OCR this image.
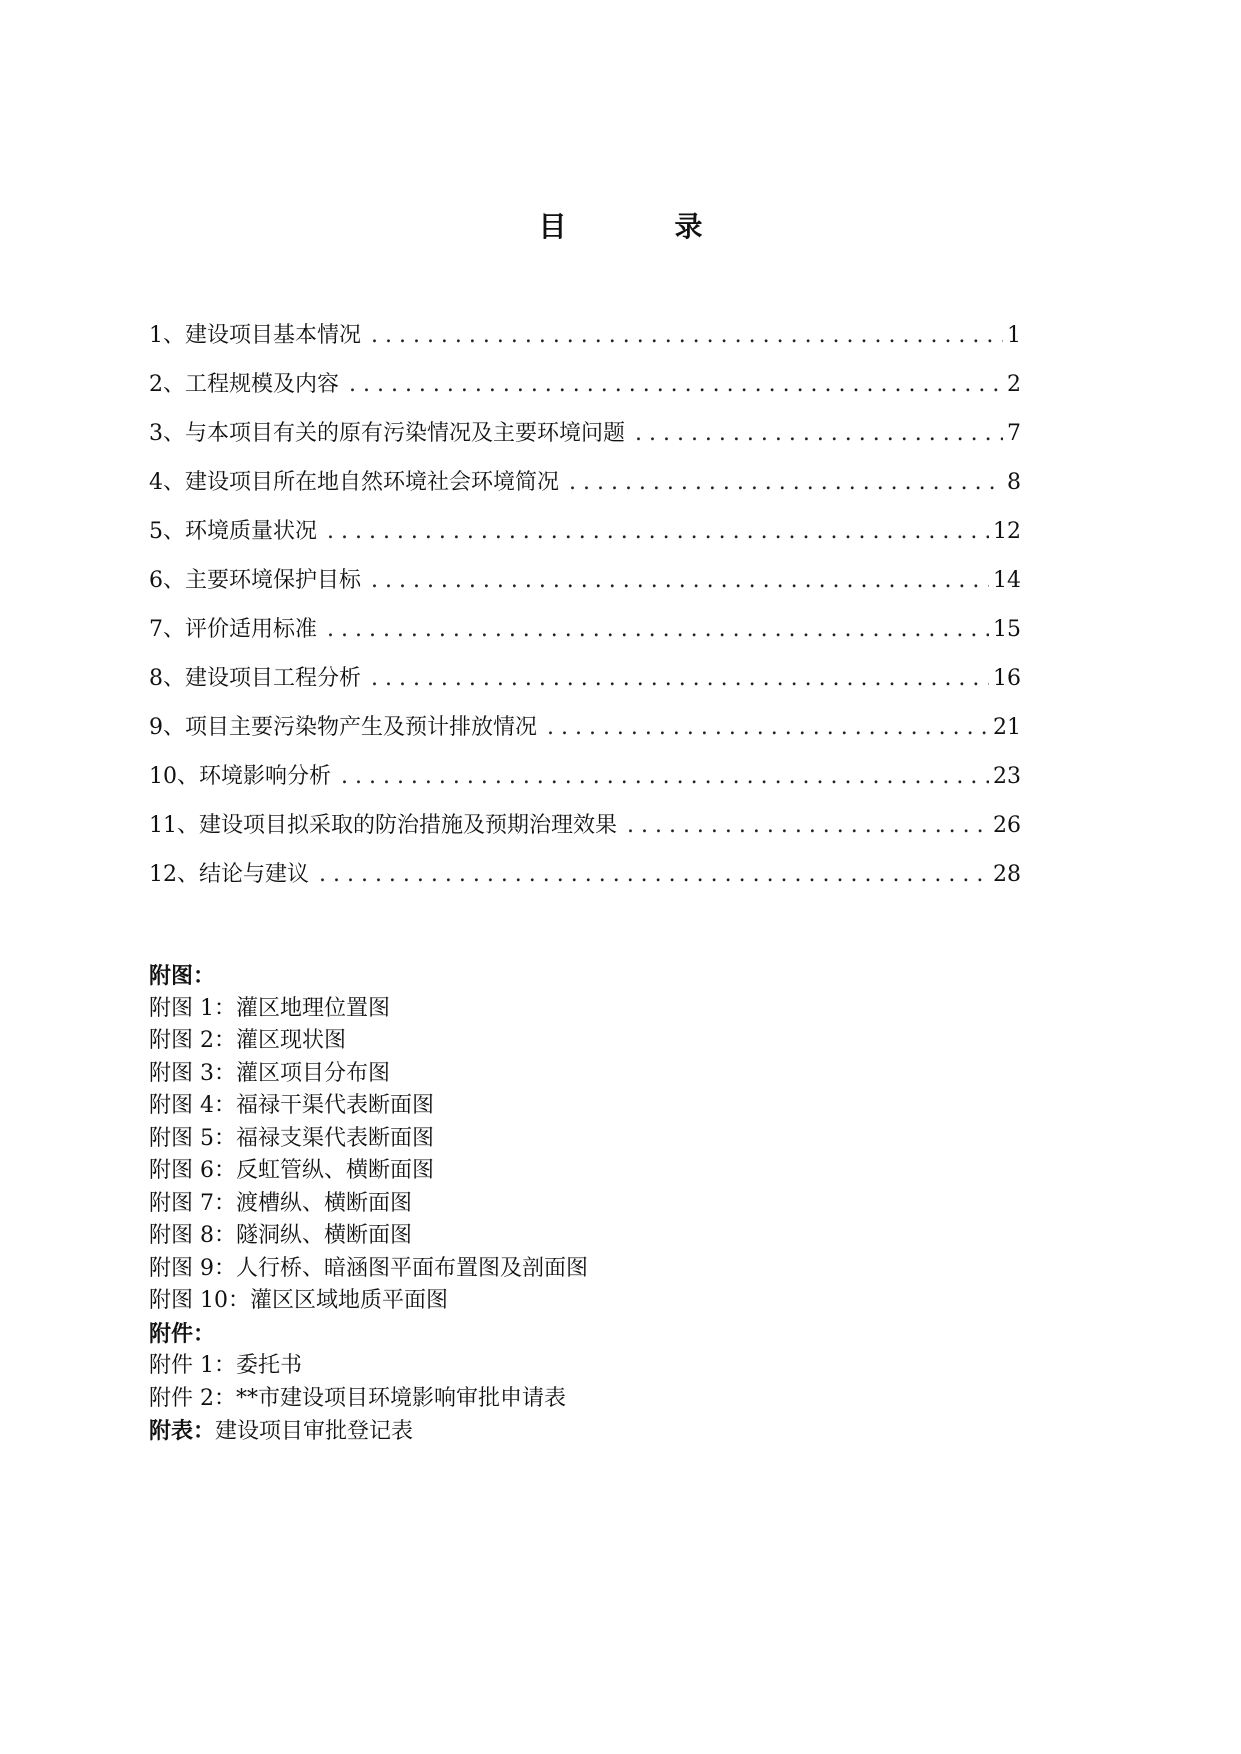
目　录
1、建设项目基本情况 . . .	1
2、工程规模及内容 . . .	2
3、与本项目有关的原有污染情况及主要环境问题 . . .	7
4、建设项目所在地自然环境社会环境简况 . . .	8
5、环境质量状况 . . .	12
6、主要环境保护目标 . . .	14
7、评价适用标准 . . .	15
8、建设项目工程分析 . . .	16
9、项目主要污染物产生及预计排放情况 . . .	21
10、环境影响分析 . . .	23
11、建设项目拟采取的防治措施及预期治理效果 . . .	26
12、结论与建议 . . .	28
附图：
附图 1：灌区地理位置图
附图 2：灌区现状图
附图 3：灌区项目分布图
附图 4：福禄干渠代表断面图
附图 5：福禄支渠代表断面图
附图 6：反虹管纵、横断面图
附图 7：渡槽纵、横断面图
附图 8：隧洞纵、横断面图
附图 9：人行桥、暗涵图平面布置图及剖面图
附图 10：灌区区域地质平面图
附件：
附件 1：委托书
附件 2：**市建设项目环境影响审批申请表
附表：建设项目审批登记表
